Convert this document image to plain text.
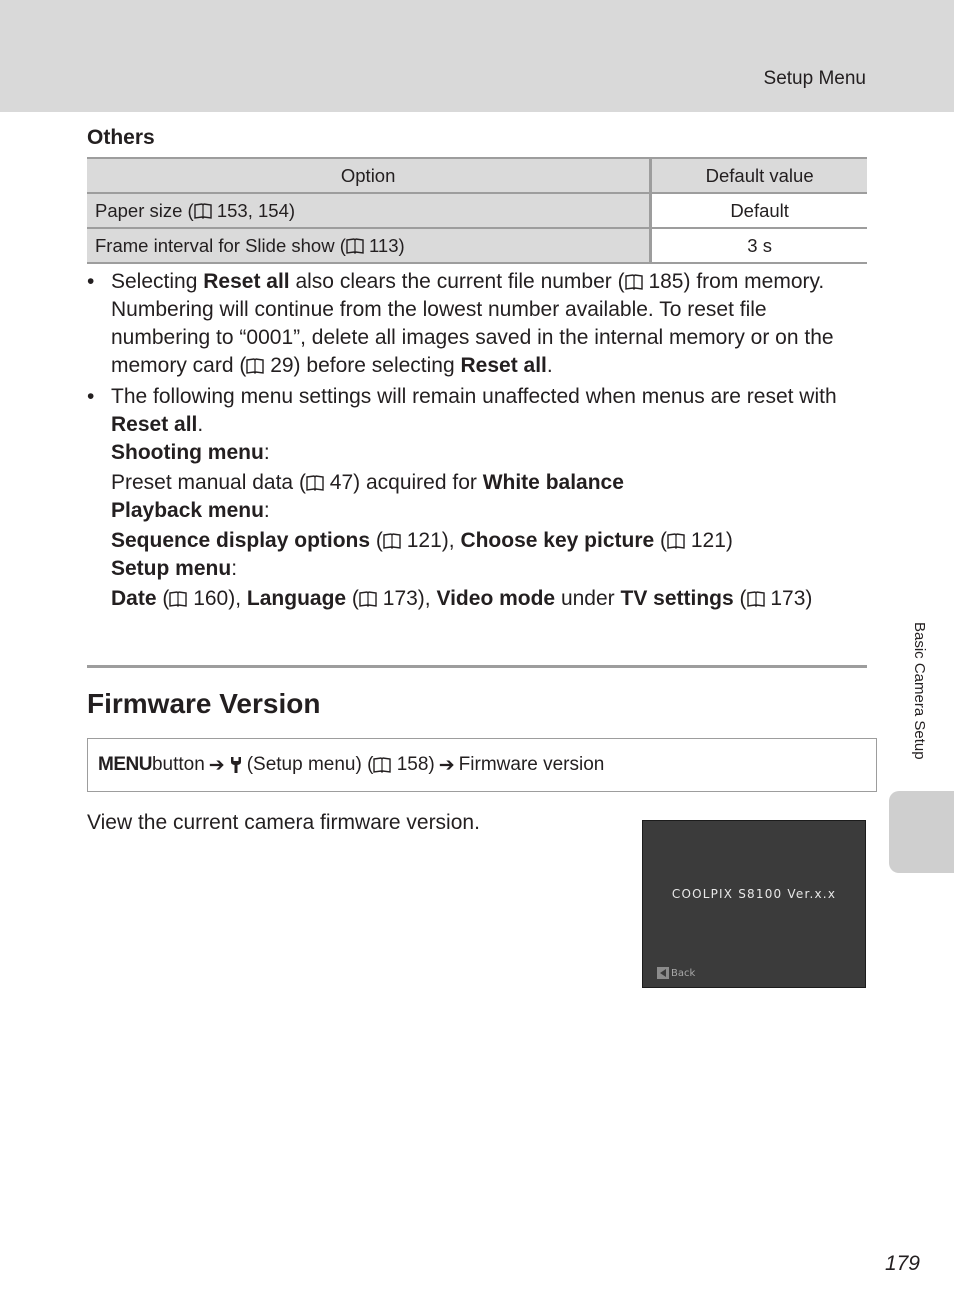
Setup Menu
Others
Option	Default value
Paper size ( 153, 154)	Default
Frame interval for Slide show ( 113)	3 s
• Selecting Reset all also clears the current file number ( 185) from memory. Numbering will continue from the lowest number available. To reset file numbering to “0001”, delete all images saved in the internal memory or on the memory card ( 29) before selecting Reset all.
• The following menu settings will remain unaffected when menus are reset with Reset all.
Shooting menu:
Preset manual data ( 47) acquired for White balance
Playback menu:
Sequence display options ( 121), Choose key picture ( 121)
Setup menu:
Date ( 160), Language ( 173), Video mode under TV settings ( 173)
Firmware Version
MENU button ➔ (Setup menu) (
158) ➔ Firmware version
View the current camera firmware version.
COOLPIX S8100 Ver.x.x
Back
Basic Camera Setup
179
